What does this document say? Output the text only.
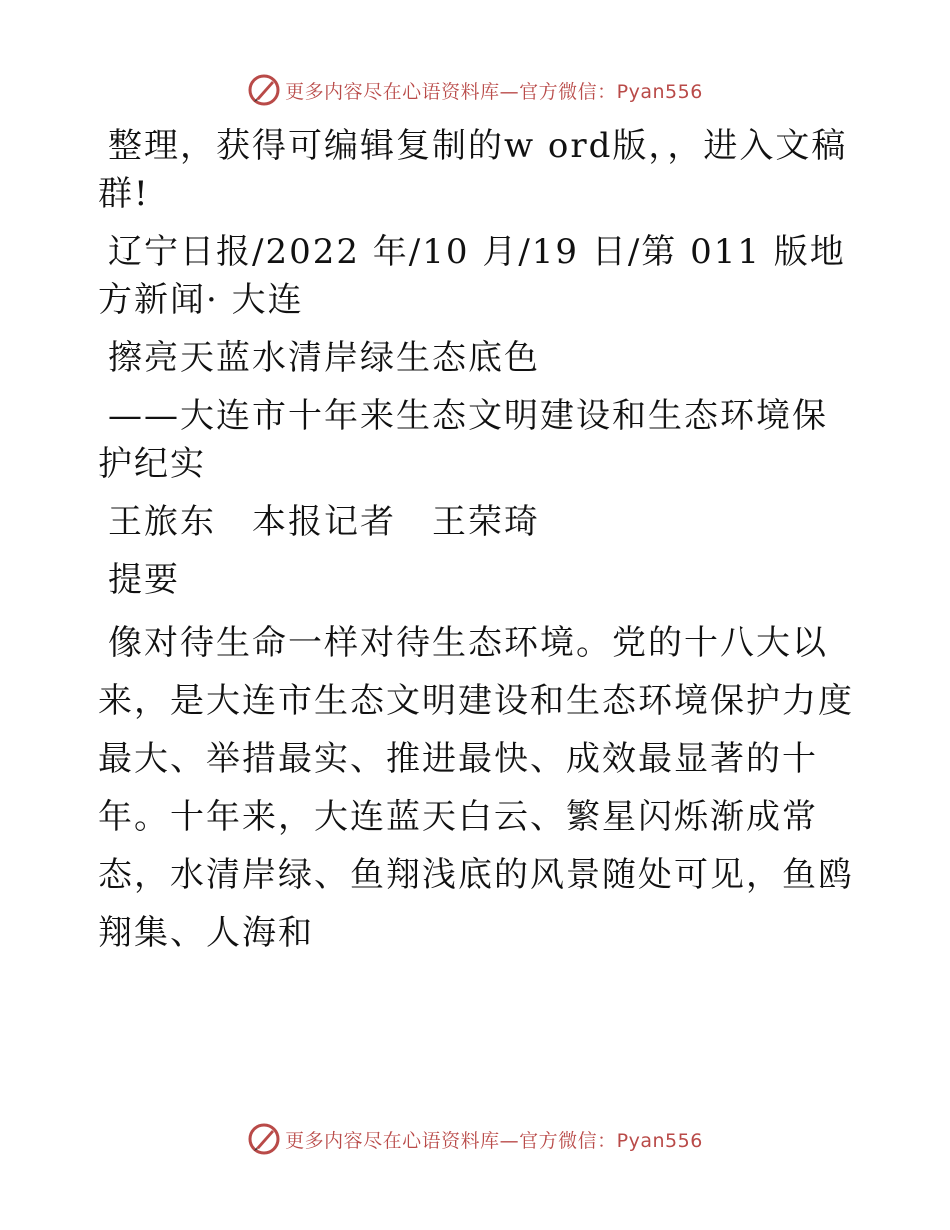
更多内容尽在心语资料库—官方微信：Pyan556

整理，获得可编辑复制的w ord版，，进入文稿群!

辽宁日报/2022 年/10 月/19 日/第 011 版地方新闻· 大连

擦亮天蓝水清岸绿生态底色

——大连市十年来生态文明建设和生态环境保护纪实

王旅东　本报记者　王荣琦

提要

像对待生命一样对待生态环境。党的十八大以来，是大连市生态文明建设和生态环境保护力度最大、举措最实、推进最快、成效最显著的十年。十年来，大连蓝天白云、繁星闪烁渐成常态，水清岸绿、鱼翔浅底的风景随处可见，鱼鸥翔集、人海和

更多内容尽在心语资料库—官方微信：Pyan556
